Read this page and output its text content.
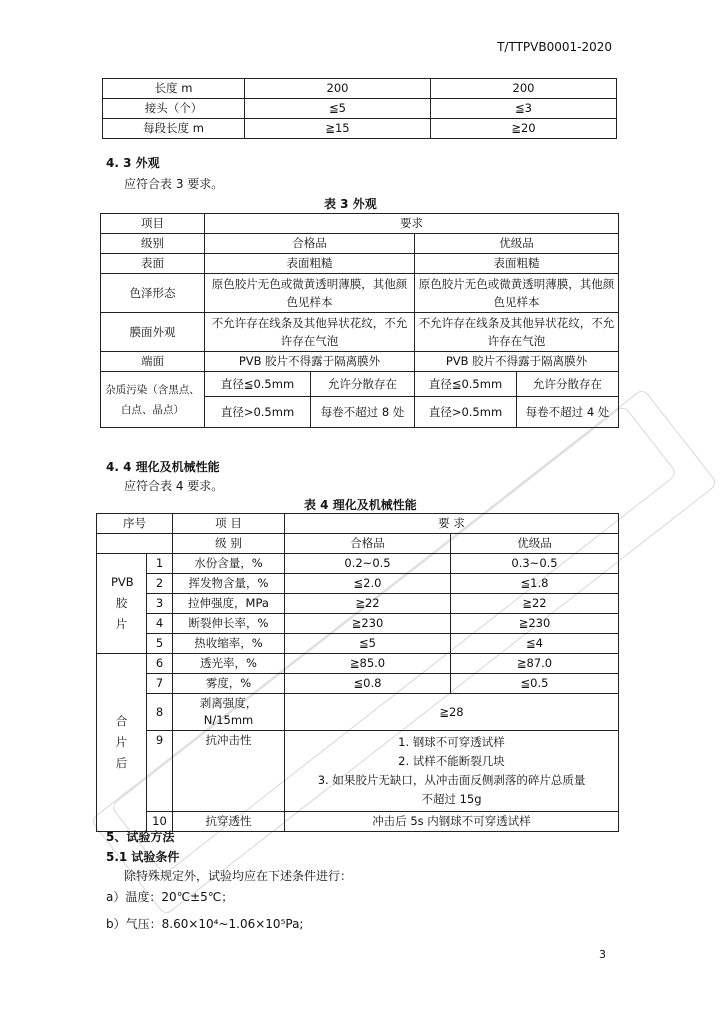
T/TTPVB0001-2020
长度 m	200	200
接头（个）	≦5	≦3
每段长度 m	≧15	≧20
4. 3 外观
应符合表 3 要求。
表 3 外观
项目	要求			
级别	合格品		优级品	
表面	表面粗糙		表面粗糙	
色泽形态	原色胶片无色或微黄透明薄膜，其他颜色见样本		原色胶片无色或微黄透明薄膜，其他颜色见样本	
膜面外观	不允许存在线条及其他异状花纹，不允许存在气泡		不允许存在线条及其他异状花纹，不允许存在气泡	
端面	PVB 胶片不得露于隔离膜外		PVB 胶片不得露于隔离膜外	
杂质污染（含黑点、白点、晶点）	直径≦0.5mm	允许分散存在	直径≦0.5mm	允许分散存在
	直径>0.5mm	每卷不超过 8 处	直径>0.5mm	每卷不超过 4 处
4. 4 理化及机械性能
应符合表 4 要求。
表 4 理化及机械性能
序号		项 目	要 求	
		级 别	合格品	优级品
PVB 胶 片	1	水份含量，%	0.2~0.5	0.3~0.5
	2	挥发物含量，%	≦2.0	≦1.8
	3	拉伸强度，MPa	≧22	≧22
	4	断裂伸长率，%	≧230	≧230
	5	热收缩率，%	≦5	≦4
合 片 后	6	透光率，%	≧85.0	≧87.0
	7	雾度，%	≦0.8	≦0.5
	8	剥离强度，N/15mm	≧28	
	9	抗冲击性	1. 钢球不可穿透试样
2. 试样不能断裂几块
3. 如果胶片无缺口，从冲击面反侧剥落的碎片总质量
不超过 15g	

	10	抗穿透性	冲击后 5s 内钢球不可穿透试样	
5、试验方法
5.1 试验条件
除特殊规定外，试验均应在下述条件进行：
a）温度：20℃±5℃；
b）气压：8.60×10⁴~1.06×10⁵Pa;
3
